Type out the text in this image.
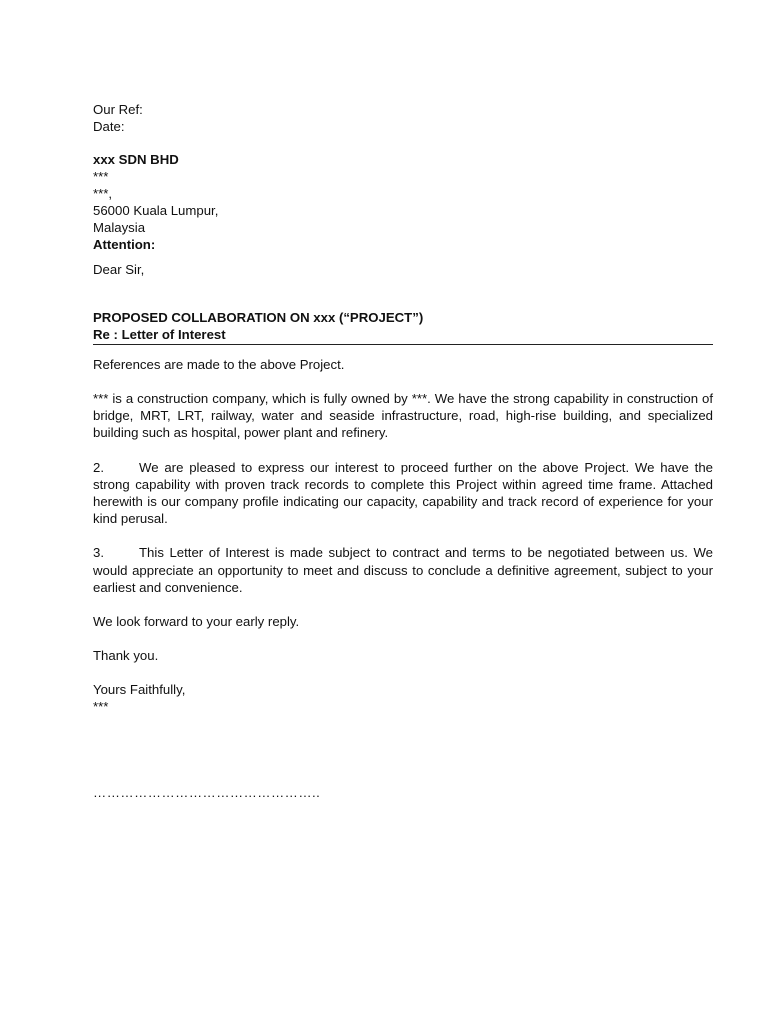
Our Ref:
Date:
xxx SDN BHD
***
***,
56000 Kuala Lumpur,
Malaysia
Attention:
Dear Sir,
PROPOSED COLLABORATION ON xxx (“PROJECT”)
Re : Letter of Interest
References are made to the above Project.

*** is a construction company, which is fully owned by ***. We have the strong capability in construction of bridge, MRT, LRT, railway, water and seaside infrastructure, road, high-rise building, and specialized building such as hospital, power plant and refinery.

2.	We are pleased to express our interest to proceed further on the above Project. We have the strong capability with proven track records to complete this Project within agreed time frame. Attached herewith is our company profile indicating our capacity, capability and track record of experience for your kind perusal.

3.	This Letter of Interest is made subject to contract and terms to be negotiated between us. We would appreciate an opportunity to meet and discuss to conclude a definitive agreement, subject to your earliest and convenience.

We look forward to your early reply.
Thank you.
Yours Faithfully,
***
…………………………………………..
